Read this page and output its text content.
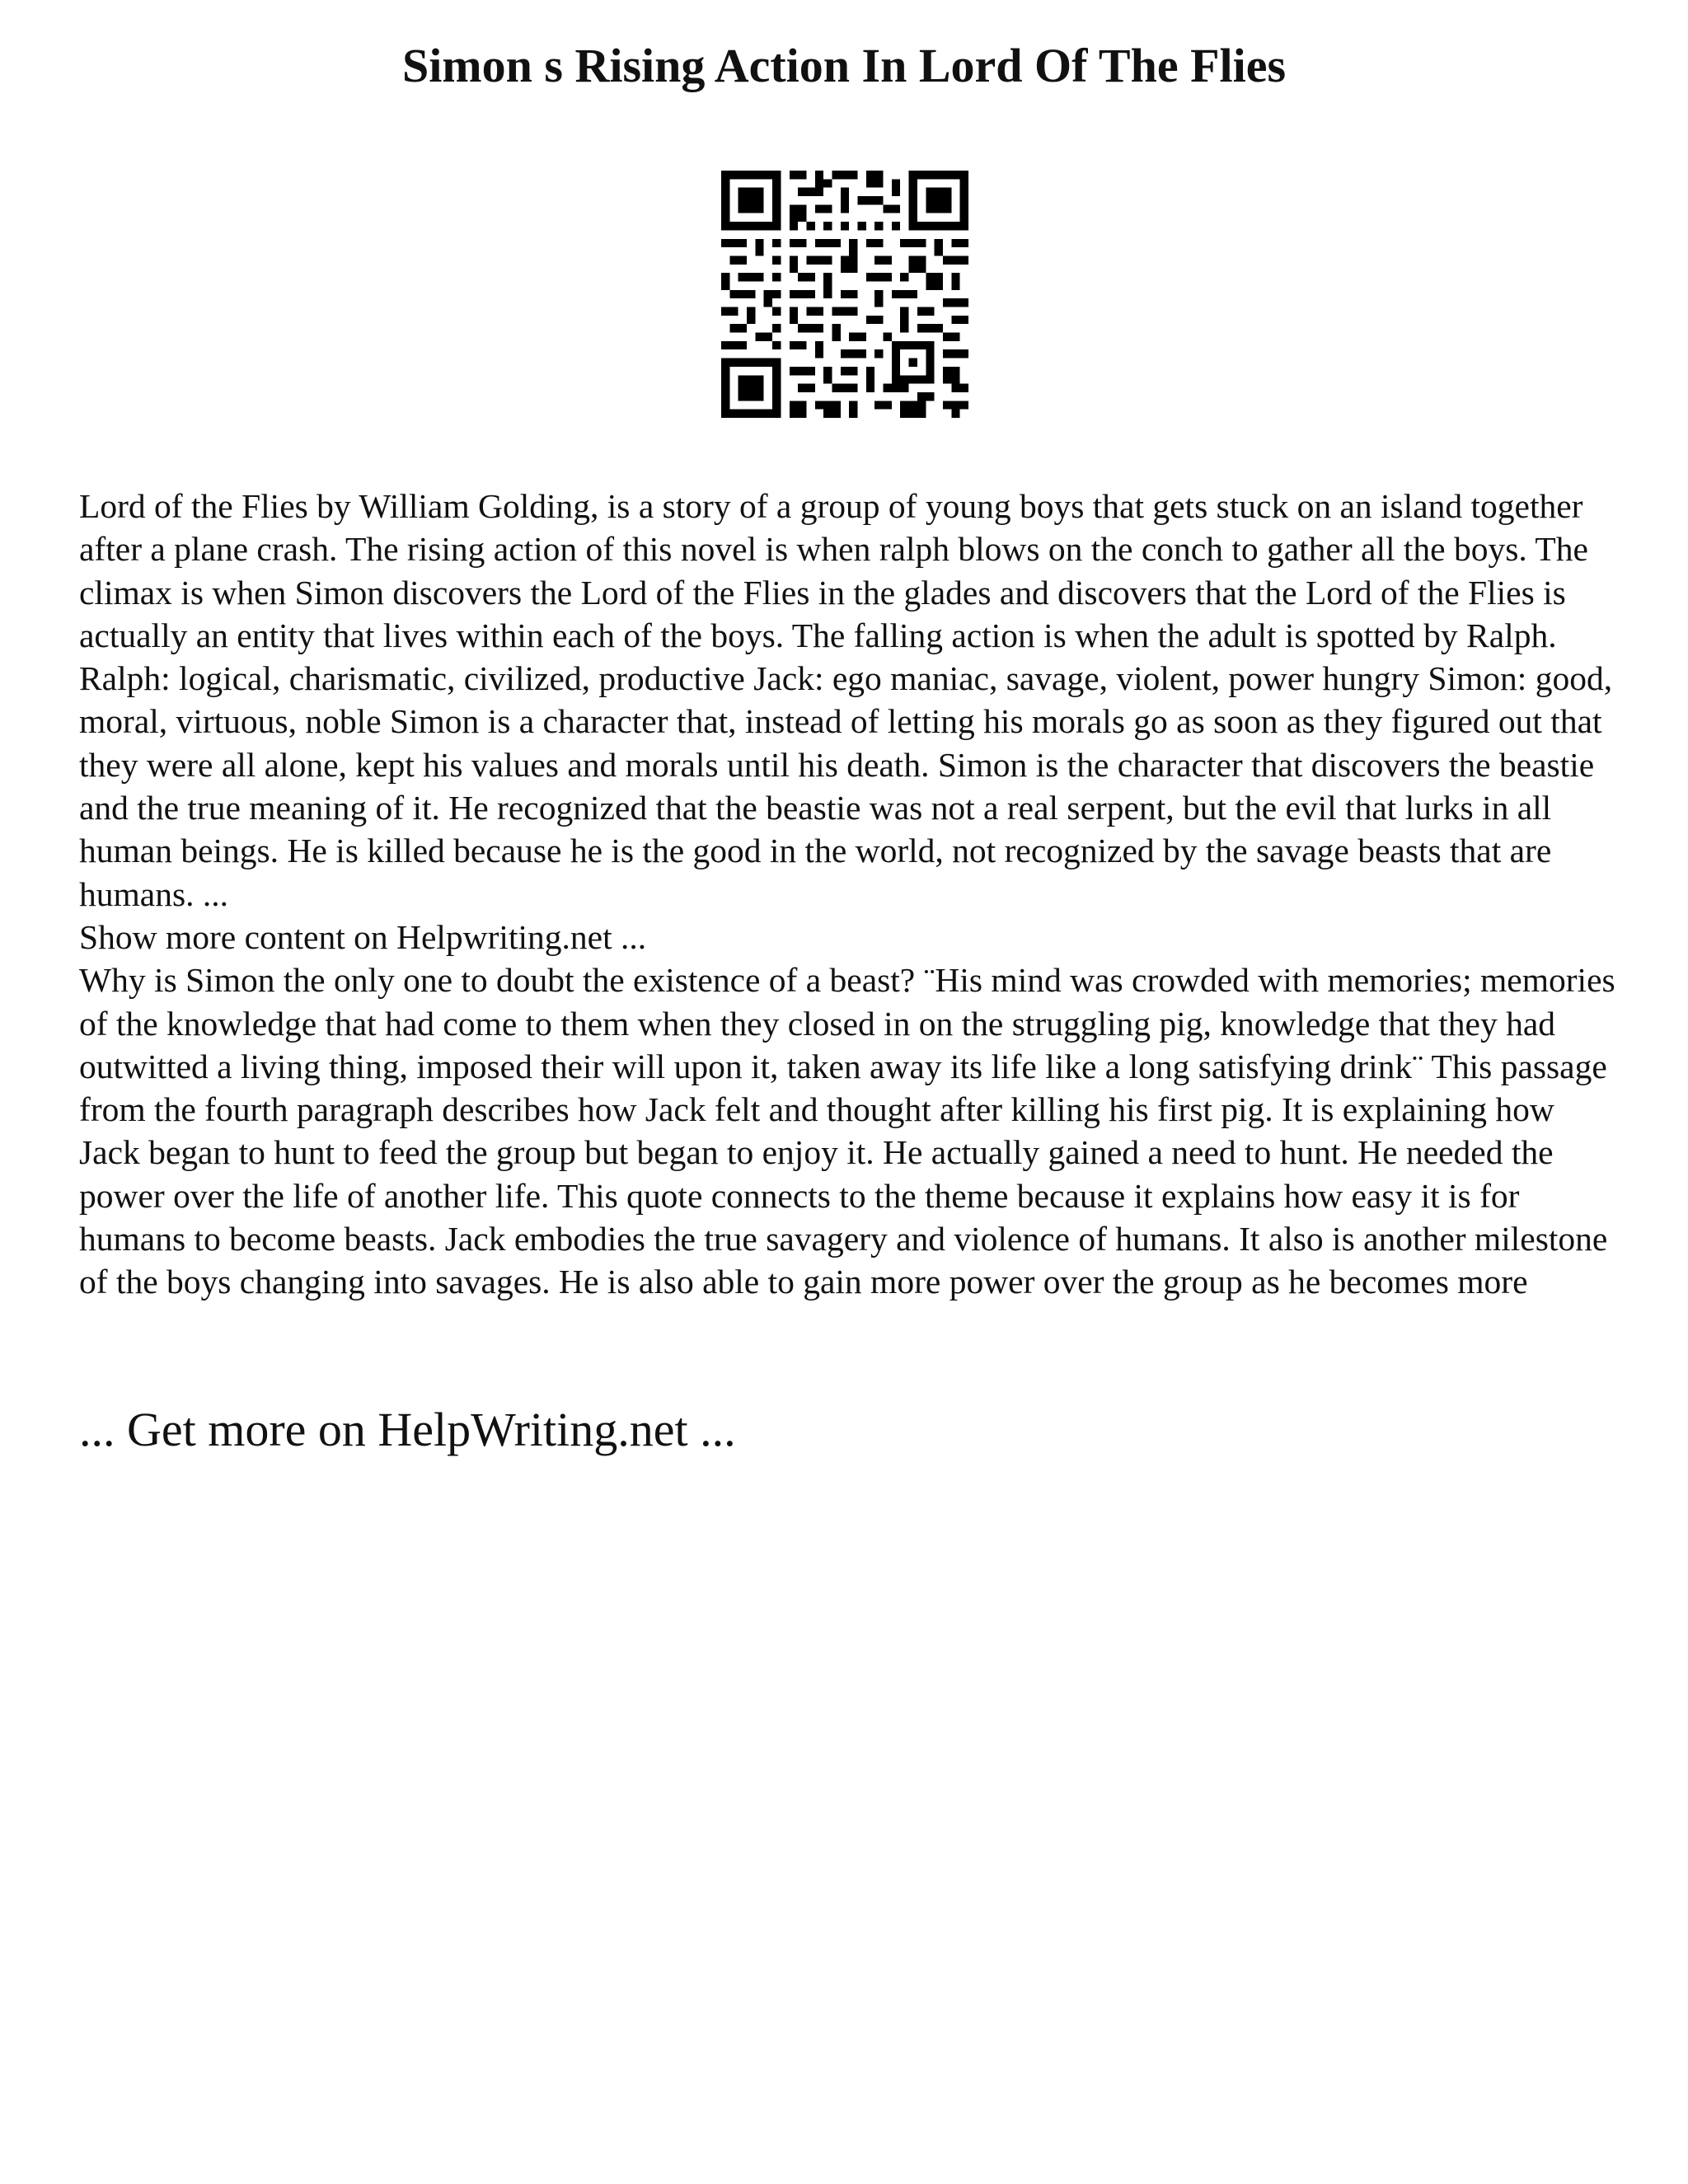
Simon s Rising Action In Lord Of The Flies

Lord of the Flies by William Golding, is a story of a group of young boys that gets stuck on an island together after a plane crash. The rising action of this novel is when ralph blows on the conch to gather all the boys. The climax is when Simon discovers the Lord of the Flies in the glades and discovers that the Lord of the Flies is actually an entity that lives within each of the boys. The falling action is when the adult is spotted by Ralph. Ralph: logical, charismatic, civilized, productive Jack: ego maniac, savage, violent, power hungry Simon: good, moral, virtuous, noble Simon is a character that, instead of letting his morals go as soon as they figured out that they were all alone, kept his values and morals until his death. Simon is the character that discovers the beastie and the true meaning of it. He recognized that the beastie was not a real serpent, but the evil that lurks in all human beings. He is killed because he is the good in the world, not recognized by the savage beasts that are humans. ...

Show more content on Helpwriting.net ...

Why is Simon the only one to doubt the existence of a beast? ¨His mind was crowded with memories; memories of the knowledge that had come to them when they closed in on the struggling pig, knowledge that they had outwitted a living thing, imposed their will upon it, taken away its life like a long satisfying drink¨ This passage from the fourth paragraph describes how Jack felt and thought after killing his first pig. It is explaining how Jack began to hunt to feed the group but began to enjoy it. He actually gained a need to hunt. He needed the power over the life of another life. This quote connects to the theme because it explains how easy it is for humans to become beasts. Jack embodies the true savagery and violence of humans. It also is another milestone of the boys changing into savages. He is also able to gain more power over the group as he becomes more

... Get more on HelpWriting.net ...
